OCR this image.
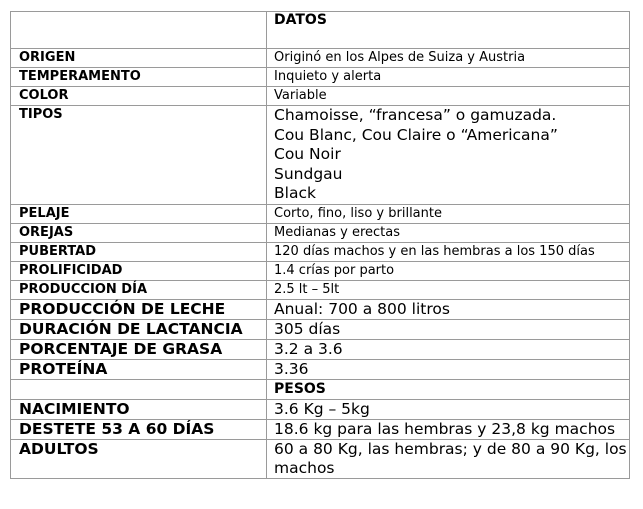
	DATOS
ORIGEN	Originó en los Alpes de Suiza y Austria
TEMPERAMENTO	Inquieto y alerta
COLOR	Variable
TIPOS	Chamoisse, “francesa” o gamuzada.
Cou Blanc, Cou Claire o “Americana”
Cou Noir
Sundgau
Black

PELAJE	Corto, fino, liso y brillante
OREJAS	Medianas y erectas
PUBERTAD	120 días machos y en las hembras a los 150 días
PROLIFICIDAD	1.4 crías por parto
PRODUCCION DÍA	2.5 lt – 5lt
PRODUCCIÓN DE LECHE	Anual: 700 a 800 litros
DURACIÓN DE LACTANCIA	305 días
PORCENTAJE DE GRASA	3.2 a 3.6
PROTEÍNA	3.36
	PESOS
NACIMIENTO	3.6 Kg – 5kg
DESTETE 53 A 60 DÍAS	18.6 kg para las hembras y 23,8 kg machos
ADULTOS	60 a 80 Kg, las hembras; y de 80 a 90 Kg, los machos
